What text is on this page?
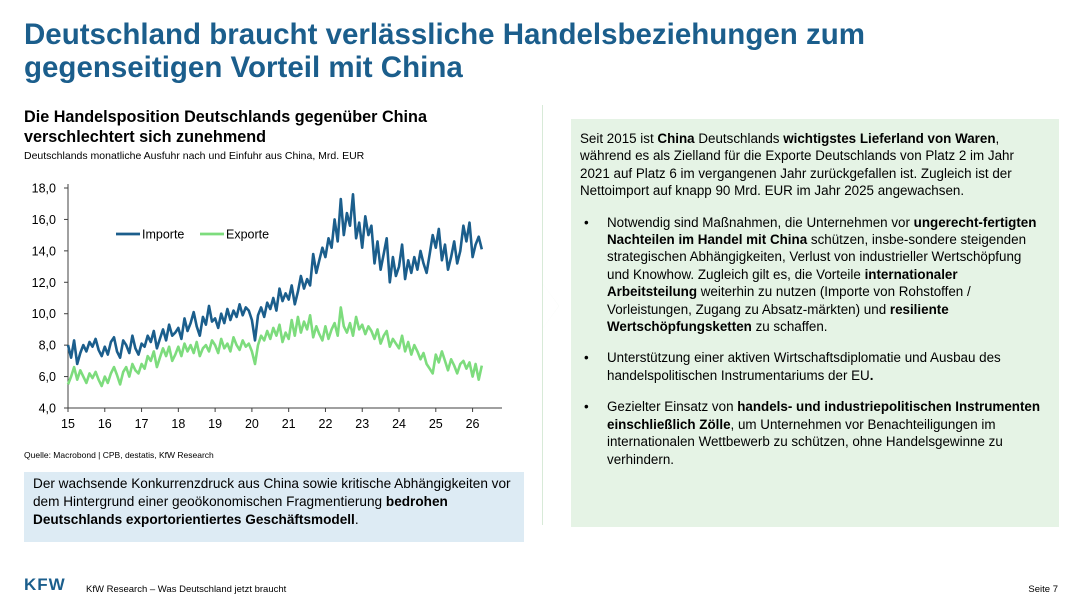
Deutschland braucht verlässliche Handelsbeziehungen zum
gegenseitigen Vorteil mit China
Die Handelsposition Deutschlands gegenüber China
verschlechtert sich zunehmend
Deutschlands monatliche Ausfuhr nach und Einfuhr aus China, Mrd. EUR
4,0
6,0
8,0
10,0
12,0
14,0
16,0
18,0
15 16 17 18 19 20 21 22 23 24 25 26
Importe	Exporte
Quelle: Macrobond | CPB, destatis, KfW Research
Der wachsende Konkurrenzdruck aus China sowie kritische Abhängigkeiten vor dem Hintergrund einer geoökonomischen Fragmentierung bedrohen Deutschlands exportorientiertes Geschäftsmodell.
Seit 2015 ist China Deutschlands wichtigstes Lieferland von Waren, während es als Zielland für die Exporte Deutschlands von Platz 2 im Jahr 2021 auf Platz 6 im vergangenen Jahr zurückgefallen ist. Zugleich ist der Nettoimport auf knapp 90 Mrd. EUR im Jahr 2025 angewachsen.
• Notwendig sind Maßnahmen, die Unternehmen vor ungerecht-fertigten Nachteilen im Handel mit China schützen, insbe-sondere steigenden strategischen Abhängigkeiten, Verlust von industrieller Wertschöpfung und Knowhow. Zugleich gilt es, die Vorteile internationaler Arbeitsteilung weiterhin zu nutzen (Importe von Rohstoffen / Vorleistungen, Zugang zu Absatz-märkten) und resiliente Wertschöpfungsketten zu schaffen.
• Unterstützung einer aktiven Wirtschaftsdiplomatie und Ausbau des handelspolitischen Instrumentariums der EU.
• Gezielter Einsatz von handels- und industriepolitischen Instrumenten einschließlich Zölle, um Unternehmen vor Benachteiligungen im internationalen Wettbewerb zu schützen, ohne Handelsgewinne zu verhindern.
KFW KfW Research – Was Deutschland jetzt braucht	Seite 7
